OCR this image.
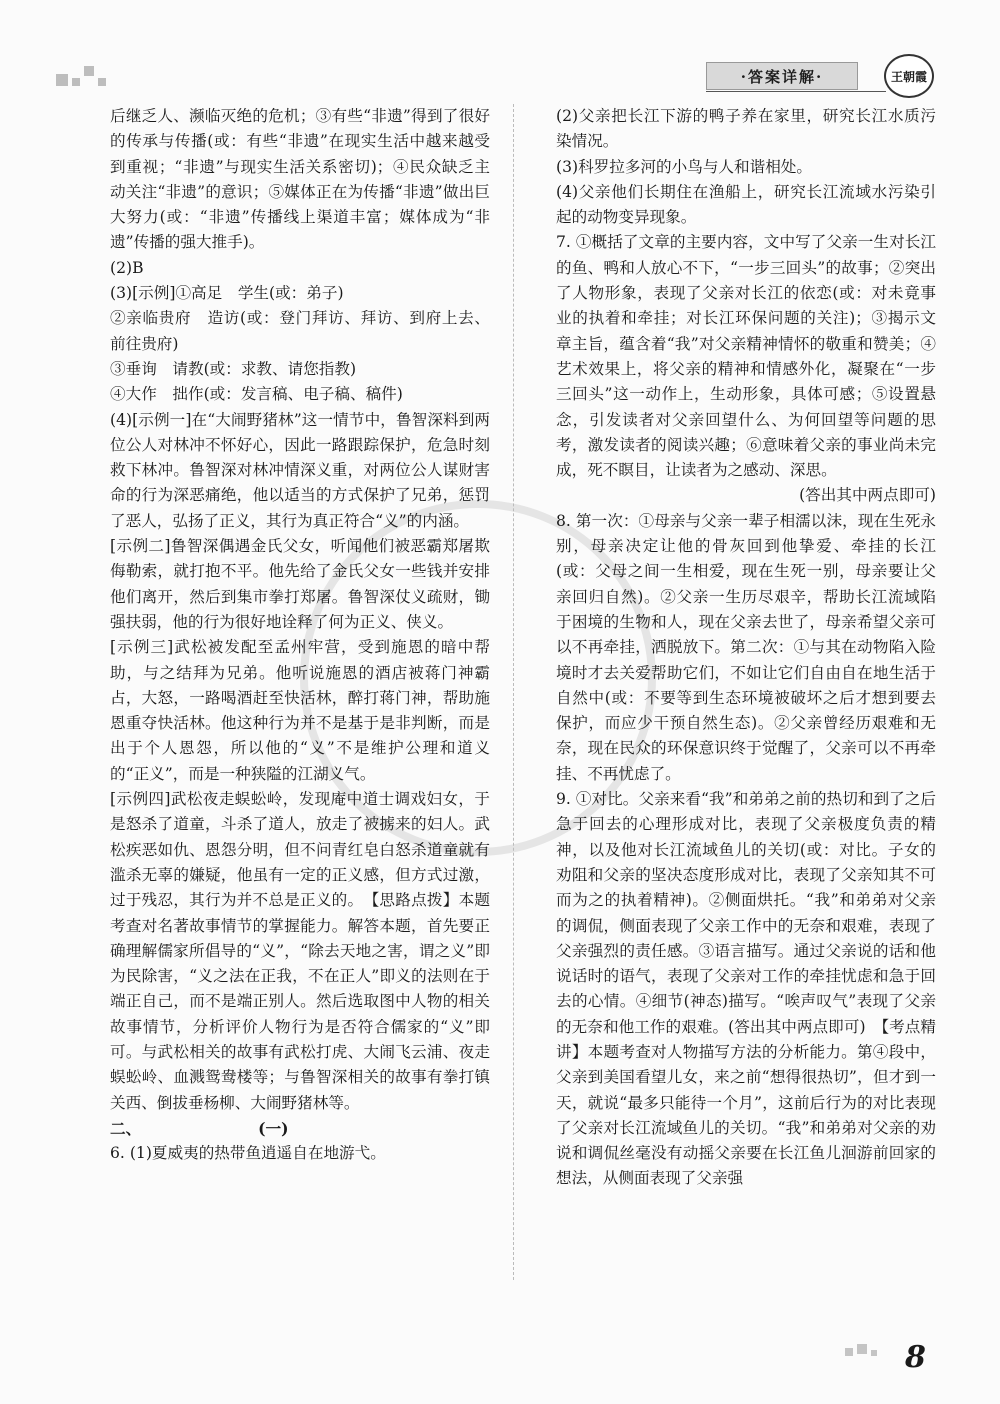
·答案详解·	王朝霞

后继乏人、濒临灭绝的危机；③有些“非遗”得到了很好的传承与传播(或：有些“非遗”在现实生活中越来越受到重视；“非遗”与现实生活关系密切)；④民众缺乏主动关注“非遗”的意识；⑤媒体正在为传播“非遗”做出巨大努力(或：“非遗”传播线上渠道丰富；媒体成为“非遗”传播的强大推手)。

(2)B

(3)[示例]①高足　学生(或：弟子)

②亲临贵府　造访(或：登门拜访、拜访、到府上去、前往贵府)

③垂询　请教(或：求教、请您指教)

④大作　拙作(或：发言稿、电子稿、稿件)

(4)[示例一]在“大闹野猪林”这一情节中，鲁智深料到两位公人对林冲不怀好心，因此一路跟踪保护，危急时刻救下林冲。鲁智深对林冲情深义重，对两位公人谋财害命的行为深恶痛绝，他以适当的方式保护了兄弟，惩罚了恶人，弘扬了正义，其行为真正符合“义”的内涵。

[示例二]鲁智深偶遇金氏父女，听闻他们被恶霸郑屠欺侮勒索，就打抱不平。他先给了金氏父女一些钱并安排他们离开，然后到集市拳打郑屠。鲁智深仗义疏财，锄强扶弱，他的行为很好地诠释了何为正义、侠义。

[示例三]武松被发配至孟州牢营，受到施恩的暗中帮助，与之结拜为兄弟。他听说施恩的酒店被蒋门神霸占，大怒，一路喝酒赶至快活林，醉打蒋门神，帮助施恩重夺快活林。他这种行为并不是基于是非判断，而是出于个人恩怨，所以他的“义”不是维护公理和道义的“正义”，而是一种狭隘的江湖义气。

[示例四]武松夜走蜈蚣岭，发现庵中道士调戏妇女，于是怒杀了道童，斗杀了道人，放走了被掳来的妇人。武松疾恶如仇、恩怨分明，但不问青红皂白怒杀道童就有滥杀无辜的嫌疑，他虽有一定的正义感，但方式过激，过于残忍，其行为并不总是正义的。　【思路点拨】本题考查对名著故事情节的掌握能力。解答本题，首先要正确理解儒家所倡导的“义”，“除去天地之害，谓之义”即为民除害，“义之法在正我，不在正人”即义的法则在于端正自己，而不是端正别人。然后选取图中人物的相关故事情节，分析评价人物行为是否符合儒家的“义”即可。与武松相关的故事有武松打虎、大闹飞云浦、夜走蜈蚣岭、血溅鸳鸯楼等；与鲁智深相关的故事有拳打镇关西、倒拔垂杨柳、大闹野猪林等。

二、　　　　　　　　(一)

6. (1)夏威夷的热带鱼逍遥自在地游弋。

(2)父亲把长江下游的鸭子养在家里，研究长江水质污染情况。

(3)科罗拉多河的小鸟与人和谐相处。

(4)父亲他们长期住在渔船上，研究长江流域水污染引起的动物变异现象。

7. ①概括了文章的主要内容，文中写了父亲一生对长江的鱼、鸭和人放心不下，“一步三回头”的故事；②突出了人物形象，表现了父亲对长江的依恋(或：对未竟事业的执着和牵挂；对长江环保问题的关注)；③揭示文章主旨，蕴含着“我”对父亲精神情怀的敬重和赞美；④艺术效果上，将父亲的精神和情感外化，凝聚在“一步三回头”这一动作上，生动形象，具体可感；⑤设置悬念，引发读者对父亲回望什么、为何回望等问题的思考，激发读者的阅读兴趣；⑥意味着父亲的事业尚未完成，死不瞑目，让读者为之感动、深思。

(答出其中两点即可)

8. 第一次：①母亲与父亲一辈子相濡以沫，现在生死永别，母亲决定让他的骨灰回到他挚爱、牵挂的长江(或：父母之间一生相爱，现在生死一别，母亲要让父亲回归自然)。②父亲一生历尽艰辛，帮助长江流域陷于困境的生物和人，现在父亲去世了，母亲希望父亲可以不再牵挂，洒脱放下。第二次：①与其在动物陷入险境时才去关爱帮助它们，不如让它们自由自在地生活于自然中(或：不要等到生态环境被破坏之后才想到要去保护，而应少干预自然生态)。②父亲曾经历艰难和无奈，现在民众的环保意识终于觉醒了，父亲可以不再牵挂、不再忧虑了。

9. ①对比。父亲来看“我”和弟弟之前的热切和到了之后急于回去的心理形成对比，表现了父亲极度负责的精神，以及他对长江流域鱼儿的关切(或：对比。子女的劝阻和父亲的坚决态度形成对比，表现了父亲知其不可而为之的执着精神)。②侧面烘托。“我”和弟弟对父亲的调侃，侧面表现了父亲工作中的无奈和艰难，表现了父亲强烈的责任感。③语言描写。通过父亲说的话和他说话时的语气，表现了父亲对工作的牵挂忧虑和急于回去的心情。④细节(神态)描写。“唉声叹气”表现了父亲的无奈和他工作的艰难。(答出其中两点即可)　【考点精讲】本题考查对人物描写方法的分析能力。第④段中，父亲到美国看望儿女，来之前“想得很热切”，但才到一天，就说“最多只能待一个月”，这前后行为的对比表现了父亲对长江流域鱼儿的关切。“我”和弟弟对父亲的劝说和调侃丝毫没有动摇父亲要在长江鱼儿洄游前回家的想法，从侧面表现了父亲强

8
